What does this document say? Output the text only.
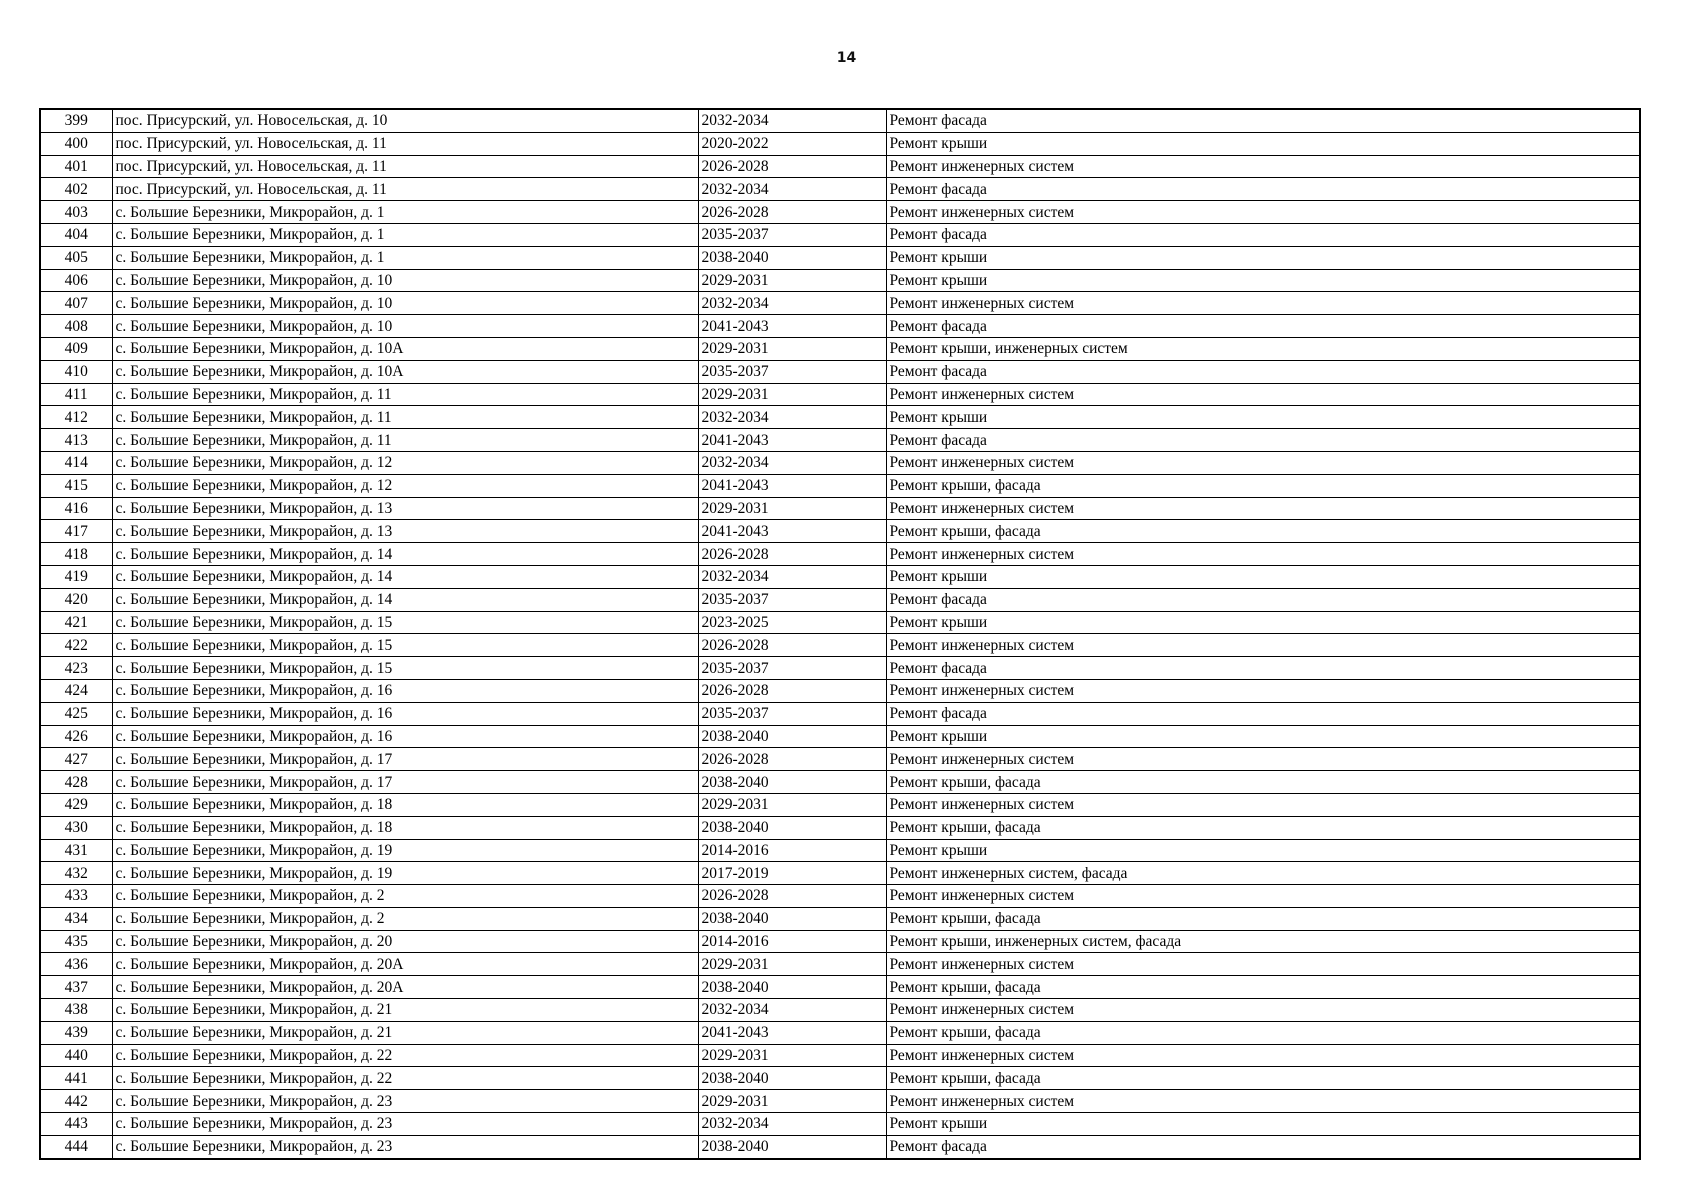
14
399	пос. Присурский, ул. Новосельская, д. 10	2032-2034	Ремонт фасада
400	пос. Присурский, ул. Новосельская, д. 11	2020-2022	Ремонт крыши
401	пос. Присурский, ул. Новосельская, д. 11	2026-2028	Ремонт инженерных систем
402	пос. Присурский, ул. Новосельская, д. 11	2032-2034	Ремонт фасада
403	с. Большие Березники, Микрорайон, д. 1	2026-2028	Ремонт инженерных систем
404	с. Большие Березники, Микрорайон, д. 1	2035-2037	Ремонт фасада
405	с. Большие Березники, Микрорайон, д. 1	2038-2040	Ремонт крыши
406	с. Большие Березники, Микрорайон, д. 10	2029-2031	Ремонт крыши
407	с. Большие Березники, Микрорайон, д. 10	2032-2034	Ремонт инженерных систем
408	с. Большие Березники, Микрорайон, д. 10	2041-2043	Ремонт фасада
409	с. Большие Березники, Микрорайон, д. 10А	2029-2031	Ремонт крыши, инженерных систем
410	с. Большие Березники, Микрорайон, д. 10А	2035-2037	Ремонт фасада
411	с. Большие Березники, Микрорайон, д. 11	2029-2031	Ремонт инженерных систем
412	с. Большие Березники, Микрорайон, д. 11	2032-2034	Ремонт крыши
413	с. Большие Березники, Микрорайон, д. 11	2041-2043	Ремонт фасада
414	с. Большие Березники, Микрорайон, д. 12	2032-2034	Ремонт инженерных систем
415	с. Большие Березники, Микрорайон, д. 12	2041-2043	Ремонт крыши, фасада
416	с. Большие Березники, Микрорайон, д. 13	2029-2031	Ремонт инженерных систем
417	с. Большие Березники, Микрорайон, д. 13	2041-2043	Ремонт крыши, фасада
418	с. Большие Березники, Микрорайон, д. 14	2026-2028	Ремонт инженерных систем
419	с. Большие Березники, Микрорайон, д. 14	2032-2034	Ремонт крыши
420	с. Большие Березники, Микрорайон, д. 14	2035-2037	Ремонт фасада
421	с. Большие Березники, Микрорайон, д. 15	2023-2025	Ремонт крыши
422	с. Большие Березники, Микрорайон, д. 15	2026-2028	Ремонт инженерных систем
423	с. Большие Березники, Микрорайон, д. 15	2035-2037	Ремонт фасада
424	с. Большие Березники, Микрорайон, д. 16	2026-2028	Ремонт инженерных систем
425	с. Большие Березники, Микрорайон, д. 16	2035-2037	Ремонт фасада
426	с. Большие Березники, Микрорайон, д. 16	2038-2040	Ремонт крыши
427	с. Большие Березники, Микрорайон, д. 17	2026-2028	Ремонт инженерных систем
428	с. Большие Березники, Микрорайон, д. 17	2038-2040	Ремонт крыши, фасада
429	с. Большие Березники, Микрорайон, д. 18	2029-2031	Ремонт инженерных систем
430	с. Большие Березники, Микрорайон, д. 18	2038-2040	Ремонт крыши, фасада
431	с. Большие Березники, Микрорайон, д. 19	2014-2016	Ремонт крыши
432	с. Большие Березники, Микрорайон, д. 19	2017-2019	Ремонт инженерных систем, фасада
433	с. Большие Березники, Микрорайон, д. 2	2026-2028	Ремонт инженерных систем
434	с. Большие Березники, Микрорайон, д. 2	2038-2040	Ремонт крыши, фасада
435	с. Большие Березники, Микрорайон, д. 20	2014-2016	Ремонт крыши, инженерных систем, фасада
436	с. Большие Березники, Микрорайон, д. 20А	2029-2031	Ремонт инженерных систем
437	с. Большие Березники, Микрорайон, д. 20А	2038-2040	Ремонт крыши, фасада
438	с. Большие Березники, Микрорайон, д. 21	2032-2034	Ремонт инженерных систем
439	с. Большие Березники, Микрорайон, д. 21	2041-2043	Ремонт крыши, фасада
440	с. Большие Березники, Микрорайон, д. 22	2029-2031	Ремонт инженерных систем
441	с. Большие Березники, Микрорайон, д. 22	2038-2040	Ремонт крыши, фасада
442	с. Большие Березники, Микрорайон, д. 23	2029-2031	Ремонт инженерных систем
443	с. Большие Березники, Микрорайон, д. 23	2032-2034	Ремонт крыши
444	с. Большие Березники, Микрорайон, д. 23	2038-2040	Ремонт фасада
